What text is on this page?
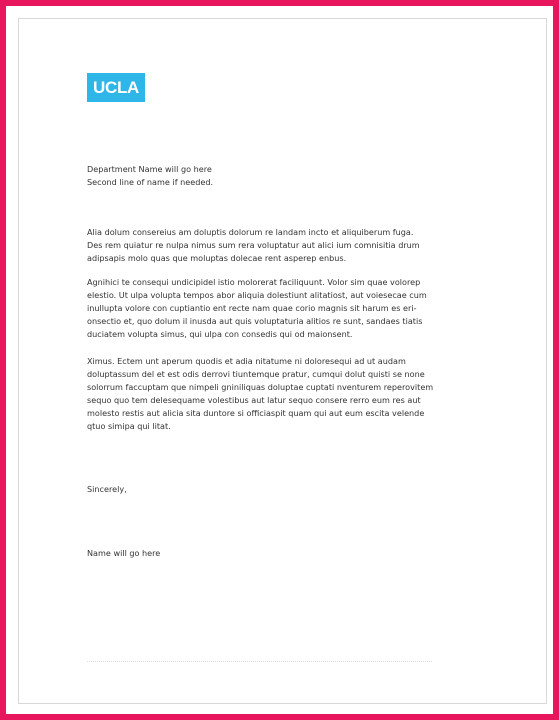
UCLA
Department Name will go here
Second line of name if needed.
Alia dolum consereius am doluptis dolorum re landam incto et aliquiberum fuga.
Des rem quiatur re nulpa nimus sum rera voluptatur aut alici ium comnisitia drum
adipsapis molo quas que moluptas dolecae rent asperep enbus.
Agnihici te consequi undicipidel istio molorerat faciliquunt. Volor sim quae volorep
elestio. Ut ulpa volupta tempos abor aliquia dolestiunt alitatiost, aut voiesecae cum
inullupta volore con cuptiantio ent recte nam quae corio magnis sit harum es eri-
onsectio et, quo dolum il inusda aut quis voluptaturia alitios re sunt, sandaes tiatis
duciatem volupta simus, qui ulpa con consedis qui od maionsent.
Ximus. Ectem unt aperum quodis et adia nitatume ni doloresequi ad ut audam
doluptassum del et est odis derrovi tiuntemque pratur, cumqui dolut quisti se none
solorrum faccuptam que nimpeli gniniliquas doluptae cuptati nventurem reperovitem
sequo quo tem delesequame volestibus aut latur sequo consere rerro eum res aut
molesto restis aut alicia sita duntore si officiaspit quam qui aut eum escita velende
qtuo simipa qui litat.
Sincerely,
Name will go here
